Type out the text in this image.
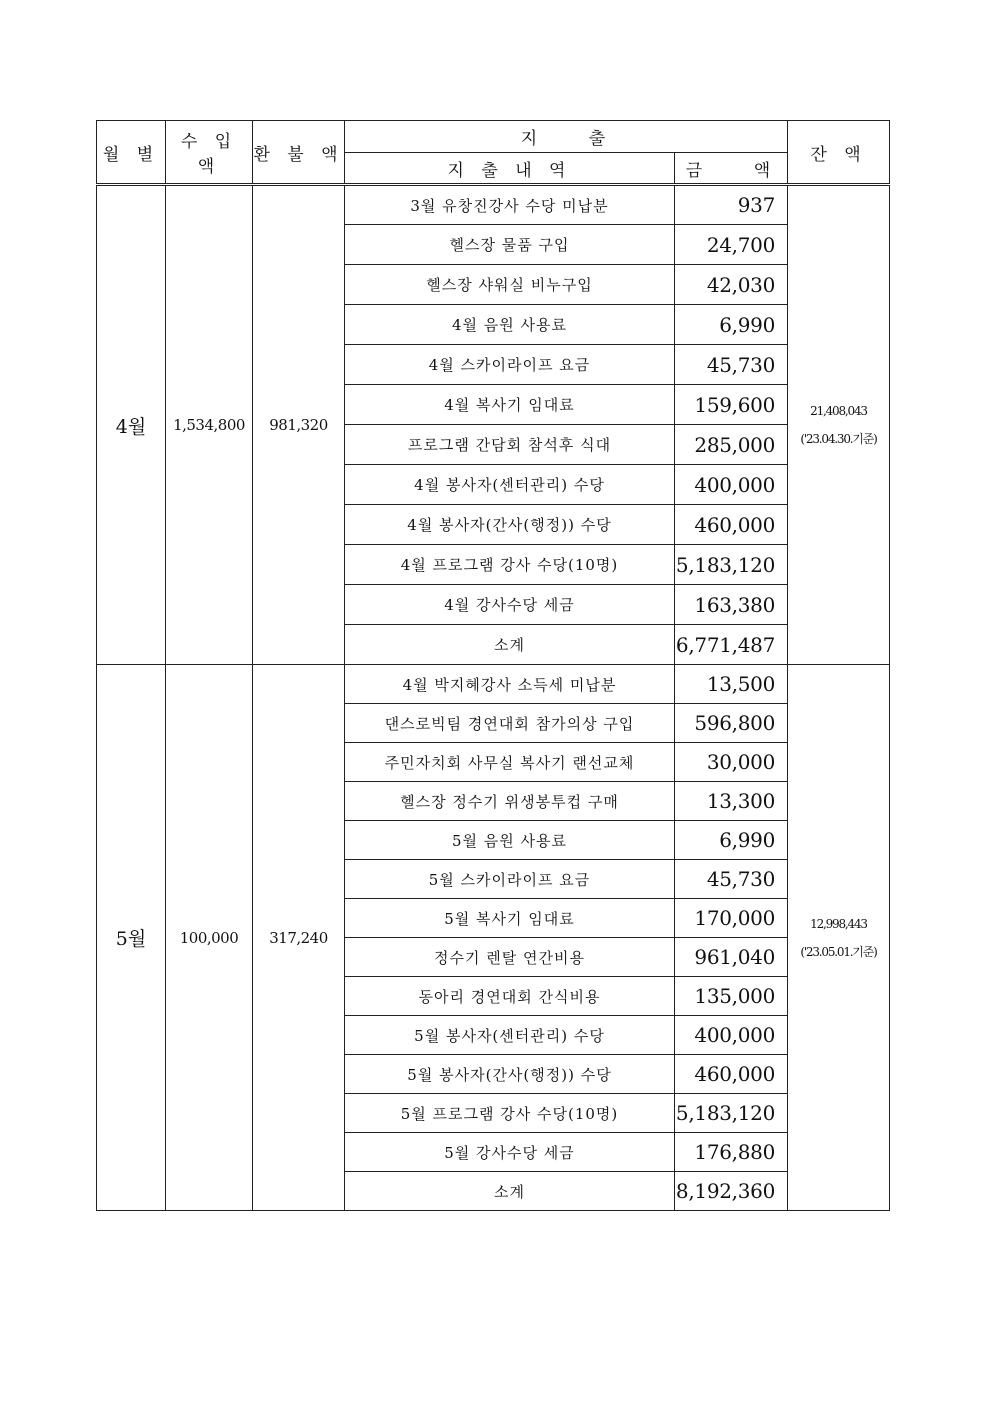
월 별	수 입 액	환 불 액	지    출		잔 액
			지 출 내 역	금    액	
4월	1,534,800	981,320	3월 유창진강사 수당 미납분	937	21,408,043
('23.04.30.기준)

			헬스장 물품 구입	24,700	
			헬스장 샤워실 비누구입	42,030	
			4월 음원 사용료	6,990	
			4월 스카이라이프 요금	45,730	
			4월 복사기 임대료	159,600	
			프로그램 간담회 참석후 식대	285,000	
			4월 봉사자(센터관리) 수당	400,000	
			4월 봉사자(간사(행정)) 수당	460,000	
			4월 프로그램 강사 수당(10명)	5,183,120	
			4월 강사수당 세금	163,380	
			소계	6,771,487	
5월	100,000	317,240	4월 박지혜강사 소득세 미납분	13,500	12,998,443
('23.05.01.기준)

			댄스로빅팀 경연대회 참가의상 구입	596,800	
			주민자치회 사무실 복사기 랜선교체	30,000	
			헬스장 정수기 위생봉투컵 구매	13,300	
			5월 음원 사용료	6,990	
			5월 스카이라이프 요금	45,730	
			5월 복사기 임대료	170,000	
			정수기 렌탈 연간비용	961,040	
			동아리 경연대회 간식비용	135,000	
			5월 봉사자(센터관리) 수당	400,000	
			5월 봉사자(간사(행정)) 수당	460,000	
			5월 프로그램 강사 수당(10명)	5,183,120	
			5월 강사수당 세금	176,880	
			소계	8,192,360	
